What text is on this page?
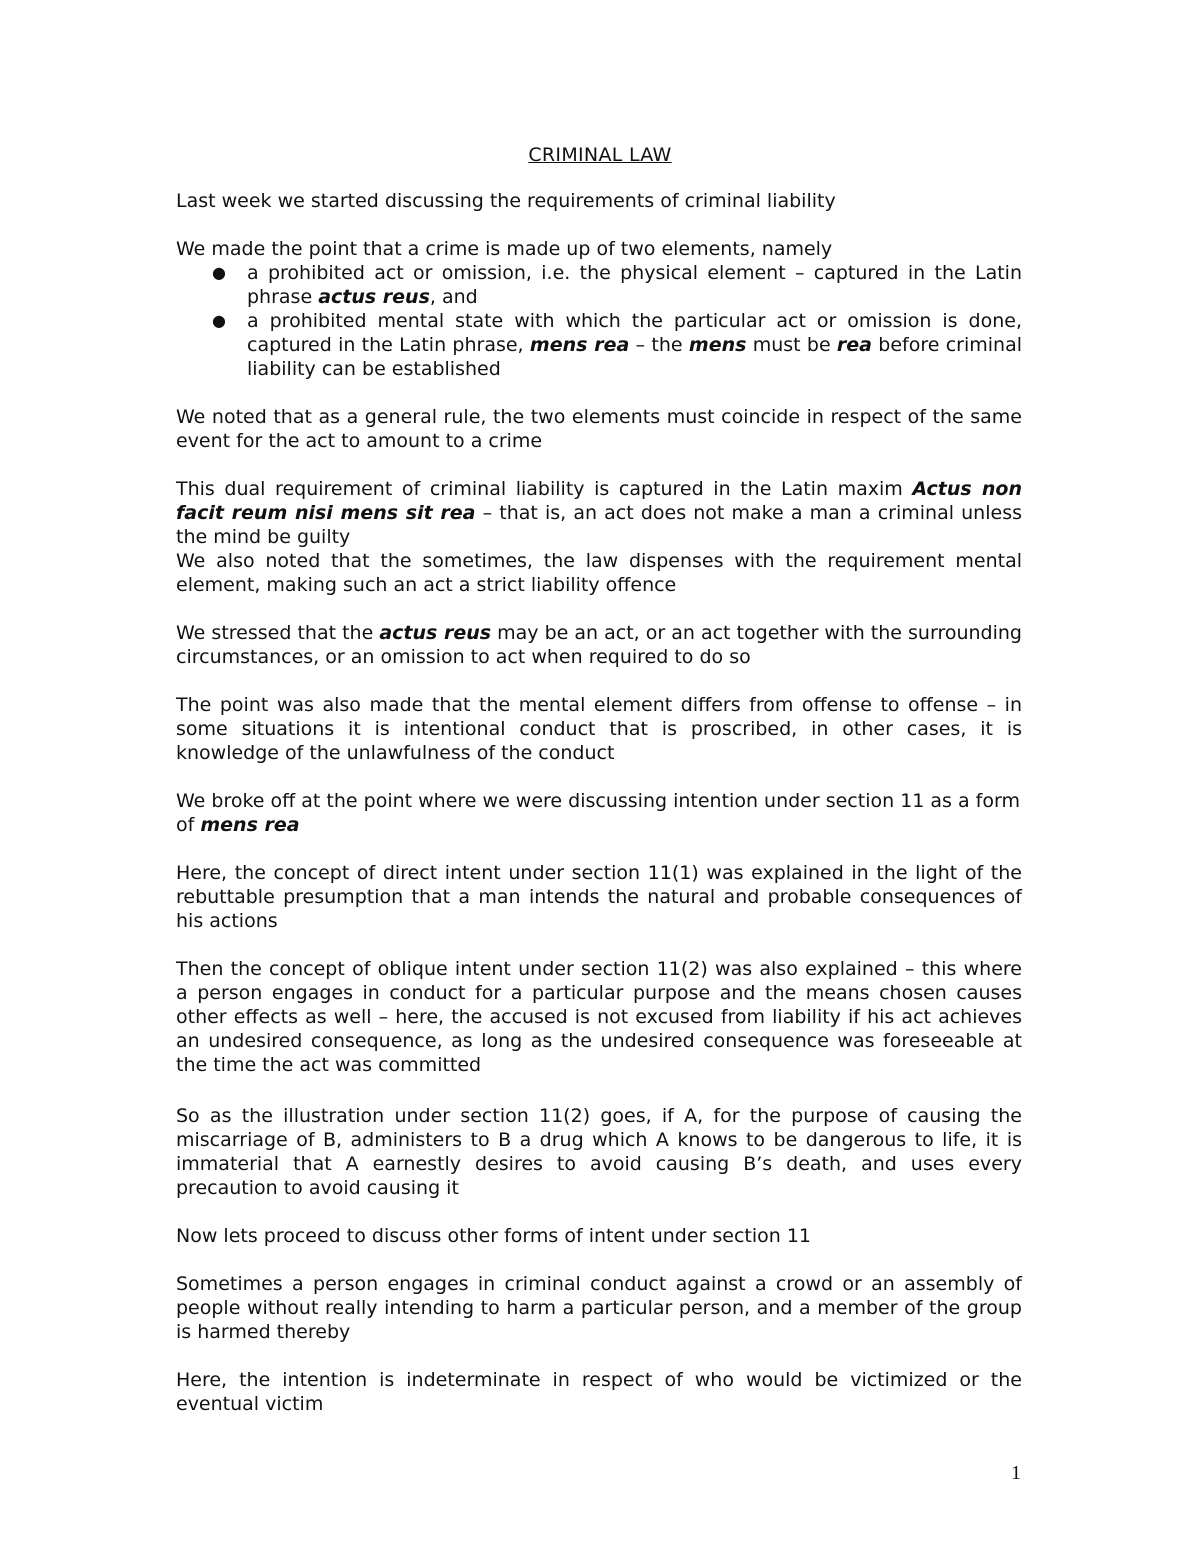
CRIMINAL LAW

Last week we started discussing the requirements of criminal liability

We made the point that a crime is made up of two elements, namely

● a prohibited act or omission, i.e. the physical element – captured in the Latin phrase actus reus, and
● a prohibited mental state with which the particular act or omission is done, captured in the Latin phrase, mens rea – the mens must be rea before criminal liability can be established

We noted that as a general rule, the two elements must coincide in respect of the same event for the act to amount to a crime

This dual requirement of criminal liability is captured in the Latin maxim Actus non facit reum nisi mens sit rea – that is, an act does not make a man a criminal unless the mind be guilty

We also noted that the sometimes, the law dispenses with the requirement mental element, making such an act a strict liability offence

We stressed that the actus reus may be an act, or an act together with the surrounding circumstances, or an omission to act when required to do so

The point was also made that the mental element differs from offense to offense – in some situations it is intentional conduct that is proscribed, in other cases, it is knowledge of the unlawfulness of the conduct

We broke off at the point where we were discussing intention under section 11 as a form of mens rea

Here, the concept of direct intent under section 11(1) was explained in the light of the rebuttable presumption that a man intends the natural and probable consequences of his actions

Then the concept of oblique intent under section 11(2) was also explained – this where a person engages in conduct for a particular purpose and the means chosen causes other effects as well – here, the accused is not excused from liability if his act achieves an undesired consequence, as long as the undesired consequence was foreseeable at the time the act was committed

So as the illustration under section 11(2) goes, if A, for the purpose of causing the miscarriage of B, administers to B a drug which A knows to be dangerous to life, it is immaterial that A earnestly desires to avoid causing B’s death, and uses every precaution to avoid causing it

Now lets proceed to discuss other forms of intent under section 11

Sometimes a person engages in criminal conduct against a crowd or an assembly of people without really intending to harm a particular person, and a member of the group is harmed thereby

Here, the intention is indeterminate in respect of who would be victimized or the eventual victim

1
